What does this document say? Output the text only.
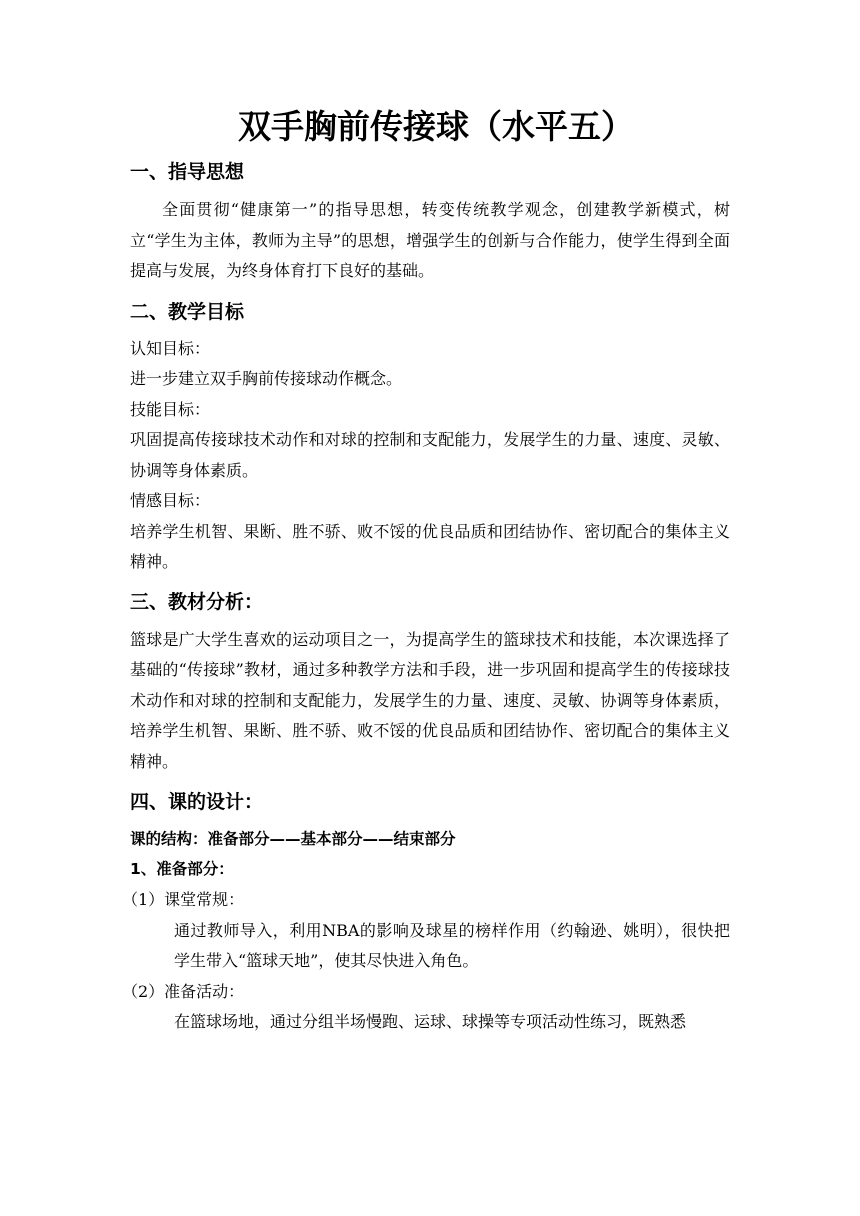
双手胸前传接球（水平五）
一、指导思想

全面贯彻“健康第一”的指导思想，转变传统教学观念，创建教学新模式，树立“学生为主体，教师为主导”的思想，增强学生的创新与合作能力，使学生得到全面提高与发展，为终身体育打下良好的基础。

二、教学目标

认知目标：

进一步建立双手胸前传接球动作概念。

技能目标：

巩固提高传接球技术动作和对球的控制和支配能力，发展学生的力量、速度、灵敏、协调等身体素质。

情感目标：

培养学生机智、果断、胜不骄、败不馁的优良品质和团结协作、密切配合的集体主义精神。

三、教材分析：

篮球是广大学生喜欢的运动项目之一，为提高学生的篮球技术和技能，本次课选择了基础的“传接球”教材，通过多种教学方法和手段，进一步巩固和提高学生的传接球技术动作和对球的控制和支配能力，发展学生的力量、速度、灵敏、协调等身体素质，培养学生机智、果断、胜不骄、败不馁的优良品质和团结协作、密切配合的集体主义精神。

四、课的设计：
课的结构：准备部分——基本部分——结束部分
1、准备部分：

（1）课堂常规：

通过教师导入，利用NBA的影响及球星的榜样作用（约翰逊、姚明），很快把学生带入“篮球天地”，使其尽快进入角色。

（2）准备活动：

在篮球场地，通过分组半场慢跑、运球、球操等专项活动性练习，既熟悉
